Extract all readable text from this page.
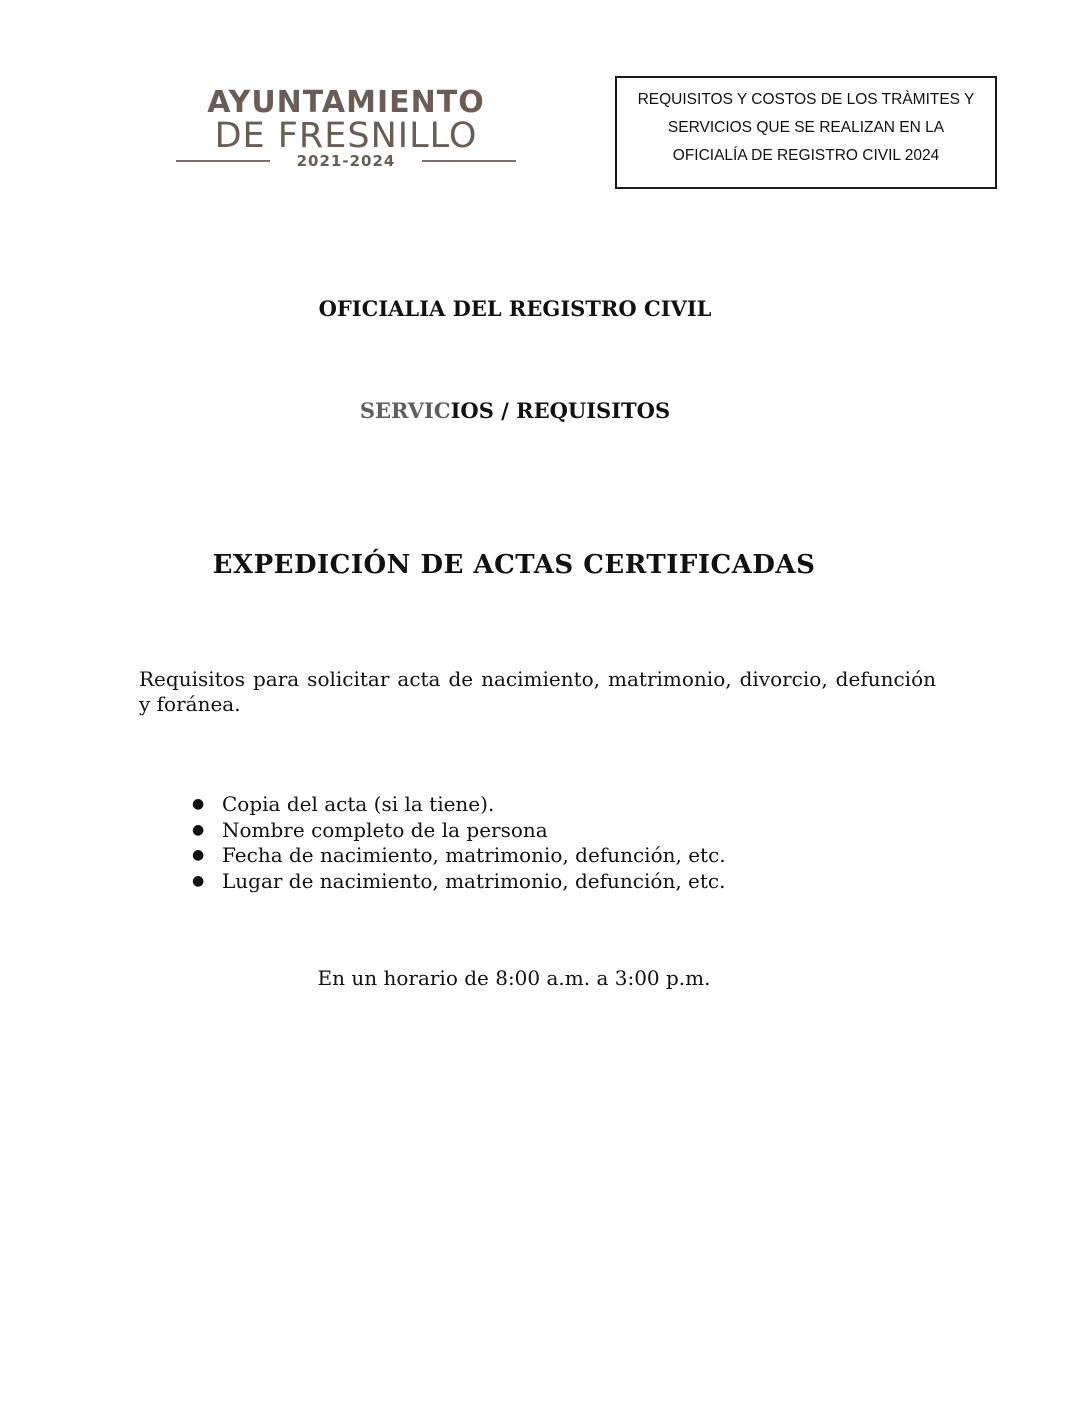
AYUNTAMIENTO
DE FRESNILLO
2021-2024
REQUISITOS Y COSTOS DE LOS TRÀMITES Y
SERVICIOS QUE SE REALIZAN EN LA
OFICIALÍA DE REGISTRO CIVIL 2024
OFICIALIA DEL REGISTRO CIVIL
SERVICIOS / REQUISITOS
EXPEDICIÓN DE ACTAS CERTIFICADAS

Requisitos para solicitar acta de nacimiento, matrimonio, divorcio, defunción y foránea.

● Copia del acta (si la tiene).
● Nombre completo de la persona
● Fecha de nacimiento, matrimonio, defunción, etc.
● Lugar de nacimiento, matrimonio, defunción, etc.
En un horario de 8:00 a.m. a 3:00 p.m.
